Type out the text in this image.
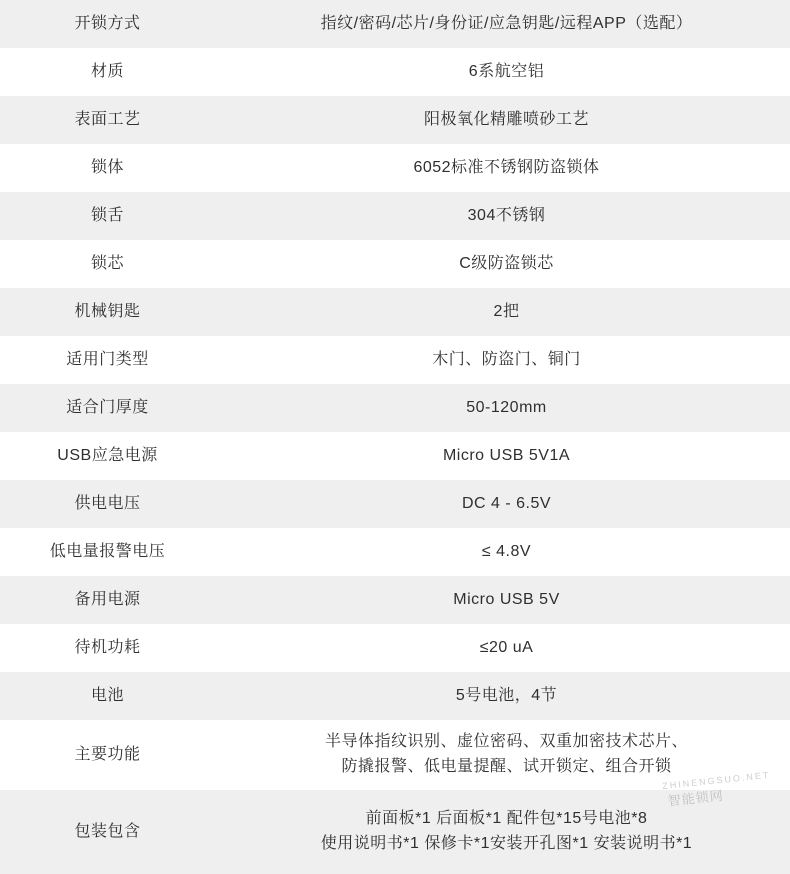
开锁方式	指纹/密码/芯片/身份证/应急钥匙/远程APP（选配）

材质	6系航空铝

表面工艺	阳极氧化精雕喷砂工艺

锁体	6052标准不锈钢防盗锁体

锁舌	304不锈钢

锁芯	C级防盗锁芯

机械钥匙	2把

适用门类型	木门、防盗门、铜门

适合门厚度	50-120mm

USB应急电源	Micro USB 5V1A

供电电压	DC 4 - 6.5V

低电量报警电压	≤ 4.8V

备用电源	Micro USB 5V

待机功耗	≤20 uA

电池	5号电池，4节

主要功能	半导体指纹识别、虚位密码、双重加密技术芯片、
防撬报警、低电量提醒、试开锁定、组合开锁

包装包含	前面板*1 后面板*1 配件包*15号电池*8
使用说明书*1 保修卡*1安装开孔图*1 安装说明书*1
ZHINENGSUO.NET
智能锁网
